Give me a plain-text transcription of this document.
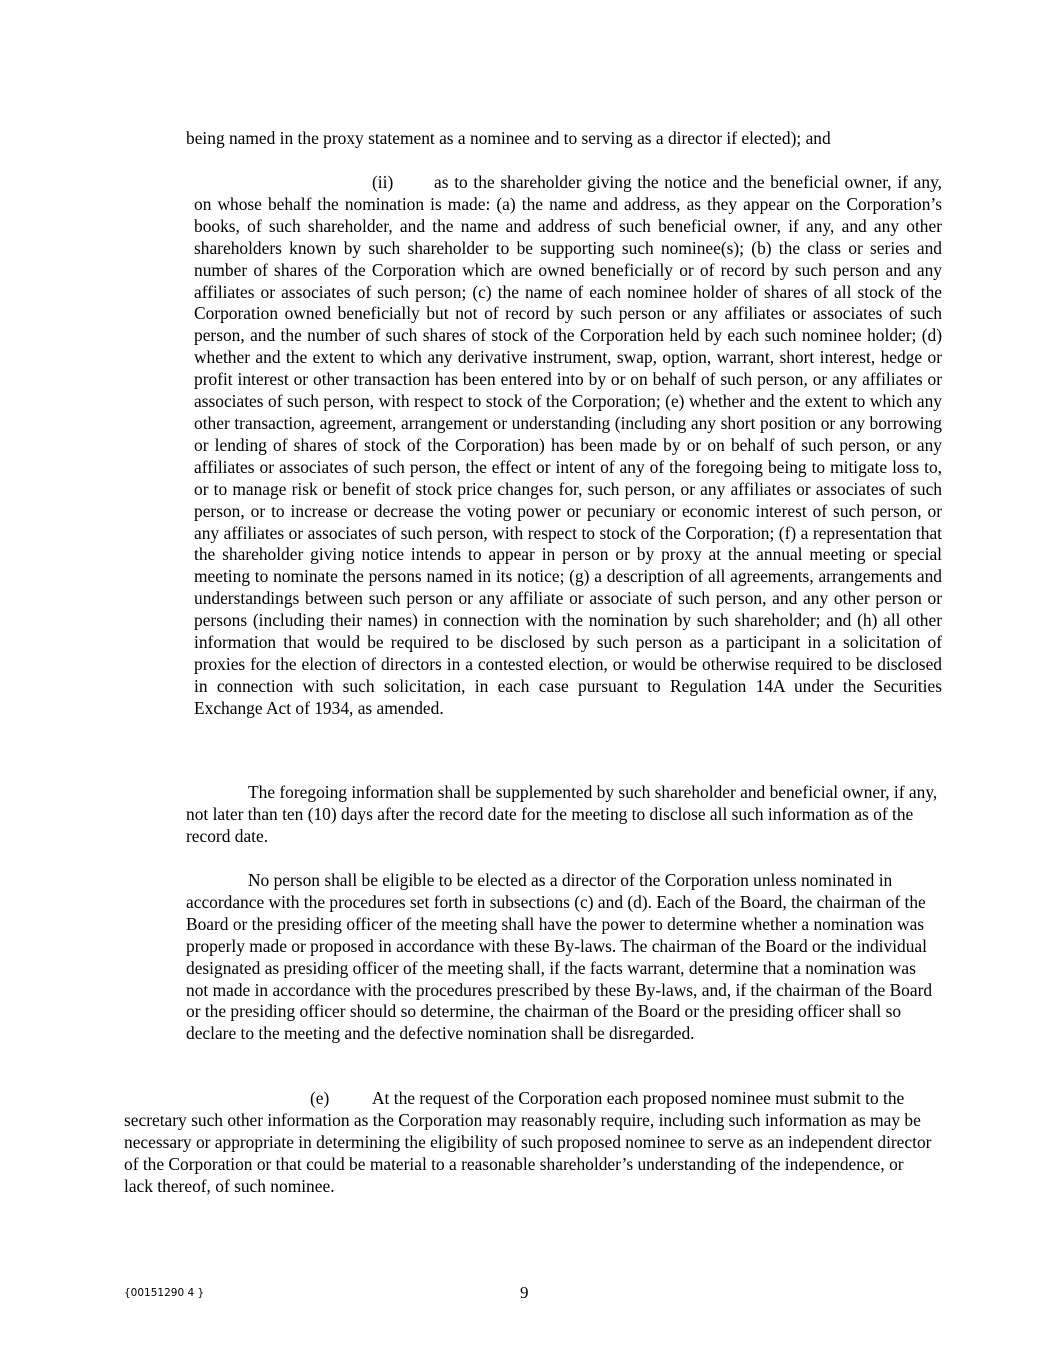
being named in the proxy statement as a nominee and to serving as a director if elected); and

(ii) as to the shareholder giving the notice and the beneficial owner, if any, on whose behalf the nomination is made: (a) the name and address, as they appear on the Corporation’s books, of such shareholder, and the name and address of such beneficial owner, if any, and any other shareholders known by such shareholder to be supporting such nominee(s); (b) the class or series and number of shares of the Corporation which are owned beneficially or of record by such person and any affiliates or associates of such person; (c) the name of each nominee holder of shares of all stock of the Corporation owned beneficially but not of record by such person or any affiliates or associates of such person, and the number of such shares of stock of the Corporation held by each such nominee holder; (d) whether and the extent to which any derivative instrument, swap, option, warrant, short interest, hedge or profit interest or other transaction has been entered into by or on behalf of such person, or any affiliates or associates of such person, with respect to stock of the Corporation; (e) whether and the extent to which any other transaction, agreement, arrangement or understanding (including any short position or any borrowing or lending of shares of stock of the Corporation) has been made by or on behalf of such person, or any affiliates or associates of such person, the effect or intent of any of the foregoing being to mitigate loss to, or to manage risk or benefit of stock price changes for, such person, or any affiliates or associates of such person, or to increase or decrease the voting power or pecuniary or economic interest of such person, or any affiliates or associates of such person, with respect to stock of the Corporation; (f) a representation that the shareholder giving notice intends to appear in person or by proxy at the annual meeting or special meeting to nominate the persons named in its notice; (g) a description of all agreements, arrangements and understandings between such person or any affiliate or associate of such person, and any other person or persons (including their names) in connection with the nomination by such shareholder; and (h) all other information that would be required to be disclosed by such person as a participant in a solicitation of proxies for the election of directors in a contested election, or would be otherwise required to be disclosed in connection with such solicitation, in each case pursuant to Regulation 14A under the Securities Exchange Act of 1934, as amended.

The foregoing information shall be supplemented by such shareholder and beneficial owner, if any, not later than ten (10) days after the record date for the meeting to disclose all such information as of the record date.

No person shall be eligible to be elected as a director of the Corporation unless nominated in accordance with the procedures set forth in subsections (c) and (d). Each of the Board, the chairman of the Board or the presiding officer of the meeting shall have the power to determine whether a nomination was properly made or proposed in accordance with these By-laws. The chairman of the Board or the individual designated as presiding officer of the meeting shall, if the facts warrant, determine that a nomination was not made in accordance with the procedures prescribed by these By-laws, and, if the chairman of the Board or the presiding officer should so determine, the chairman of the Board or the presiding officer shall so declare to the meeting and the defective nomination shall be disregarded.

(e) At the request of the Corporation each proposed nominee must submit to the secretary such other information as the Corporation may reasonably require, including such information as may be necessary or appropriate in determining the eligibility of such proposed nominee to serve as an independent director of the Corporation or that could be material to a reasonable shareholder’s understanding of the independence, or lack thereof, of such nominee.

{00151290 4 }	9
